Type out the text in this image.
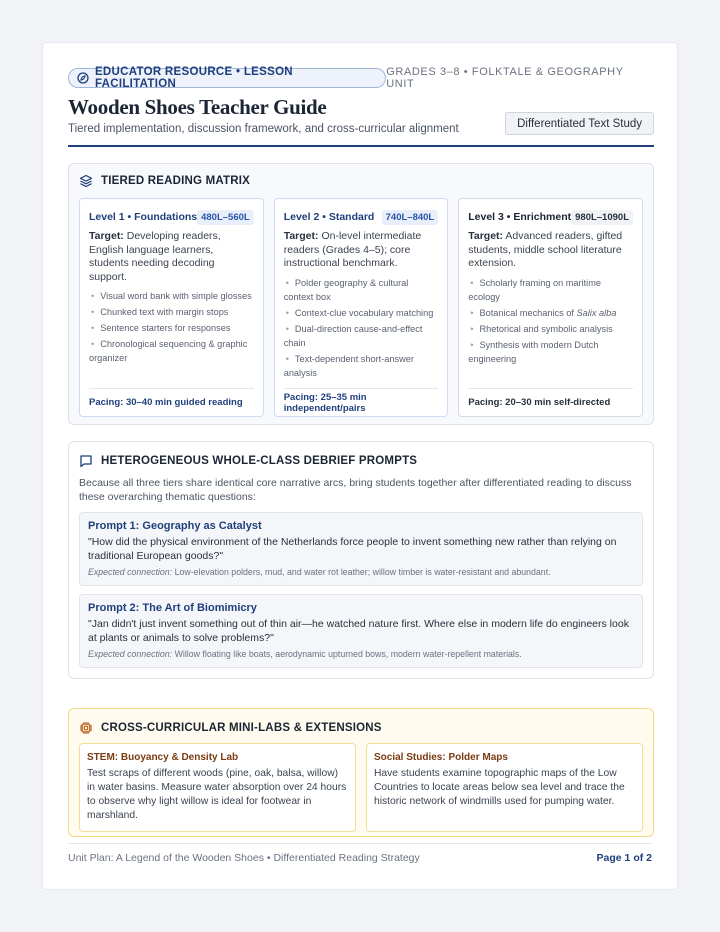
EDUCATOR RESOURCE • LESSON FACILITATION
GRADES 3–8 • FOLKTALE & GEOGRAPHY UNIT
Wooden Shoes Teacher Guide
Tiered implementation, discussion framework, and cross-curricular alignment	Differentiated Text Study
TIERED READING MATRIX
Level 1 • Foundations 480L–560L
Target: Developing readers, English language learners, students needing decoding support.
• Visual word bank with simple glosses
• Chunked text with margin stops
• Sentence starters for responses
• Chronological sequencing & graphic organizer
Pacing: 30–40 min guided reading
Level 2 • Standard	740L–840L
Target: On-level intermediate readers (Grades 4–5); core instructional benchmark.
• Polder geography & cultural context box
• Context-clue vocabulary matching
• Dual-direction cause-and-effect chain
• Text-dependent short-answer analysis
Pacing: 25–35 min independent/pairs
Level 3 • Enrichment 980L–1090L
Target: Advanced readers, gifted students, middle school literature extension.
• Scholarly framing on maritime ecology
• Botanical mechanics of Salix alba
• Rhetorical and symbolic analysis
• Synthesis with modern Dutch engineering
Pacing: 20–30 min self-directed
HETEROGENEOUS WHOLE-CLASS DEBRIEF PROMPTS
Because all three tiers share identical core narrative arcs, bring students together after differentiated reading to discuss these overarching thematic questions:
Prompt 1: Geography as Catalyst
"How did the physical environment of the Netherlands force people to invent something new rather than relying on traditional European goods?"
Expected connection: Low-elevation polders, mud, and water rot leather; willow timber is water-resistant and abundant.
Prompt 2: The Art of Biomimicry
"Jan didn't just invent something out of thin air—he watched nature first. Where else in modern life do engineers look at plants or animals to solve problems?"
Expected connection: Willow floating like boats, aerodynamic upturned bows, modern water-repellent materials.
CROSS-CURRICULAR MINI-LABS & EXTENSIONS
STEM: Buoyancy & Density Lab
Test scraps of different woods (pine, oak, balsa, willow) in water basins. Measure water absorption over 24 hours to observe why light willow is ideal for footwear in marshland.
Social Studies: Polder Maps
Have students examine topographic maps of the Low Countries to locate areas below sea level and trace the historic network of windmills used for pumping water.
Unit Plan: A Legend of the Wooden Shoes • Differentiated Reading Strategy	Page 1 of 2
